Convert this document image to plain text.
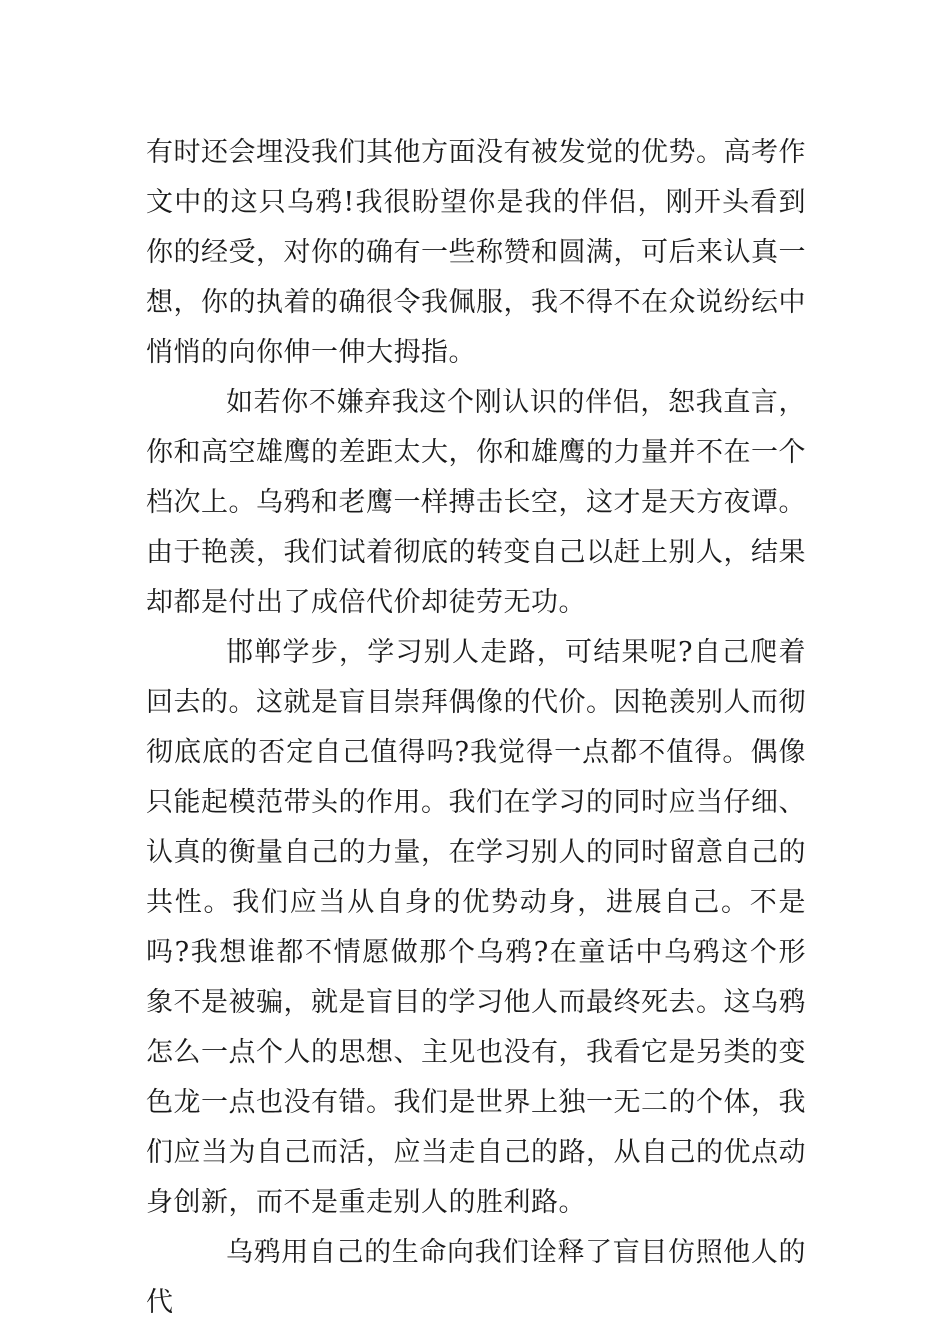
有时还会埋没我们其他方面没有被发觉的优势。高考作文中的这只乌鸦!我很盼望你是我的伴侣，刚开头看到你的经受，对你的确有一些称赞和圆满，可后来认真一想，你的执着的确很令我佩服，我不得不在众说纷纭中悄悄的向你伸一伸大拇指。

如若你不嫌弃我这个刚认识的伴侣，恕我直言，你和高空雄鹰的差距太大，你和雄鹰的力量并不在一个档次上。乌鸦和老鹰一样搏击长空，这才是天方夜谭。由于艳羡，我们试着彻底的转变自己以赶上别人，结果却都是付出了成倍代价却徒劳无功。

邯郸学步，学习别人走路，可结果呢?自己爬着回去的。这就是盲目崇拜偶像的代价。因艳羡别人而彻彻底底的否定自己值得吗?我觉得一点都不值得。偶像只能起模范带头的作用。我们在学习的同时应当仔细、认真的衡量自己的力量，在学习别人的同时留意自己的共性。我们应当从自身的优势动身，进展自己。不是吗?我想谁都不情愿做那个乌鸦?在童话中乌鸦这个形象不是被骗，就是盲目的学习他人而最终死去。这乌鸦怎么一点个人的思想、主见也没有，我看它是另类的变色龙一点也没有错。我们是世界上独一无二的个体，我们应当为自己而活，应当走自己的路，从自己的优点动身创新，而不是重走别人的胜利路。

乌鸦用自己的生命向我们诠释了盲目仿照他人的代
